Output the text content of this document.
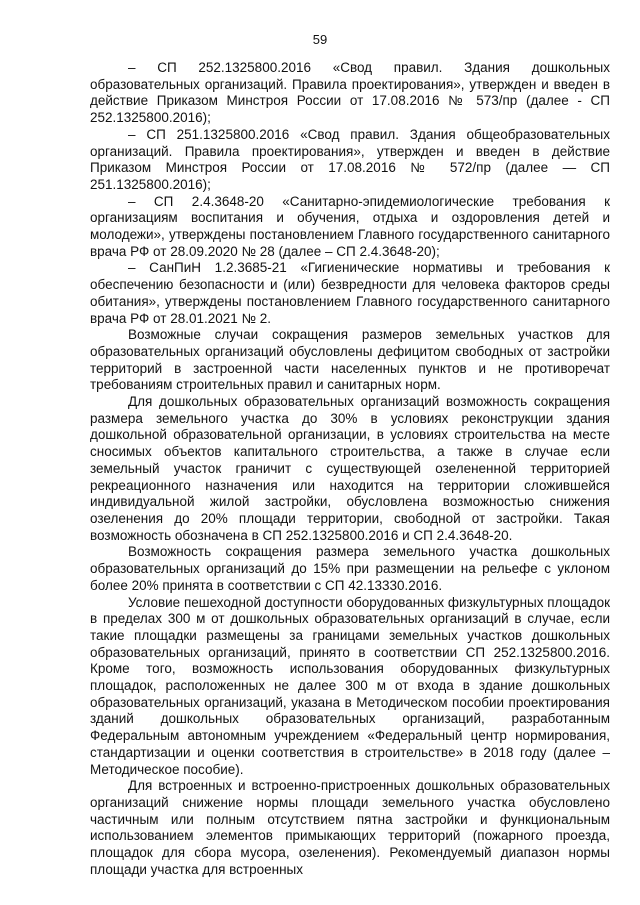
59

– СП 252.1325800.2016 «Свод правил. Здания дошкольных образовательных организаций. Правила проектирования», утвержден и введен в действие Приказом Минстроя России от 17.08.2016 № 573/пр (далее - СП 252.1325800.2016);

– СП 251.1325800.2016 «Свод правил. Здания общеобразовательных организаций. Правила проектирования», утвержден и введен в действие Приказом Минстроя России от 17.08.2016 № 572/пр (далее — СП 251.1325800.2016);

– СП 2.4.3648-20 «Санитарно-эпидемиологические требования к организациям воспитания и обучения, отдыха и оздоровления детей и молодежи», утверждены постановлением Главного государственного санитарного врача РФ от 28.09.2020 № 28 (далее – СП 2.4.3648-20);

– СанПиН 1.2.3685-21 «Гигиенические нормативы и требования к обеспечению безопасности и (или) безвредности для человека факторов среды обитания», утверждены постановлением Главного государственного санитарного врача РФ от 28.01.2021 № 2.

Возможные случаи сокращения размеров земельных участков для образовательных организаций обусловлены дефицитом свободных от застройки территорий в застроенной части населенных пунктов и не противоречат требованиям строительных правил и санитарных норм.

Для дошкольных образовательных организаций возможность сокращения размера земельного участка до 30% в условиях реконструкции здания дошкольной образовательной организации, в условиях строительства на месте сносимых объектов капитального строительства, а также в случае если земельный участок граничит с существующей озелененной территорией рекреационного назначения или находится на территории сложившейся индивидуальной жилой застройки, обусловлена возможностью снижения озеленения до 20% площади территории, свободной от застройки. Такая возможность обозначена в СП 252.1325800.2016 и СП 2.4.3648-20.

Возможность сокращения размера земельного участка дошкольных образовательных организаций до 15% при размещении на рельефе с уклоном более 20% принята в соответствии с СП 42.13330.2016.

Условие пешеходной доступности оборудованных физкультурных площадок в пределах 300 м от дошкольных образовательных организаций в случае, если такие площадки размещены за границами земельных участков дошкольных образовательных организаций, принято в соответствии СП 252.1325800.2016. Кроме того, возможность использования оборудованных физкультурных площадок, расположенных не далее 300 м от входа в здание дошкольных образовательных организаций, указана в Методическом пособии проектирования зданий дошкольных образовательных организаций, разработанным Федеральным автономным учреждением «Федеральный центр нормирования, стандартизации и оценки соответствия в строительстве» в 2018 году (далее – Методическое пособие).

Для встроенных и встроенно-пристроенных дошкольных образовательных организаций снижение нормы площади земельного участка обусловлено частичным или полным отсутствием пятна застройки и функциональным использованием элементов примыкающих территорий (пожарного проезда, площадок для сбора мусора, озеленения). Рекомендуемый диапазон нормы площади участка для встроенных
